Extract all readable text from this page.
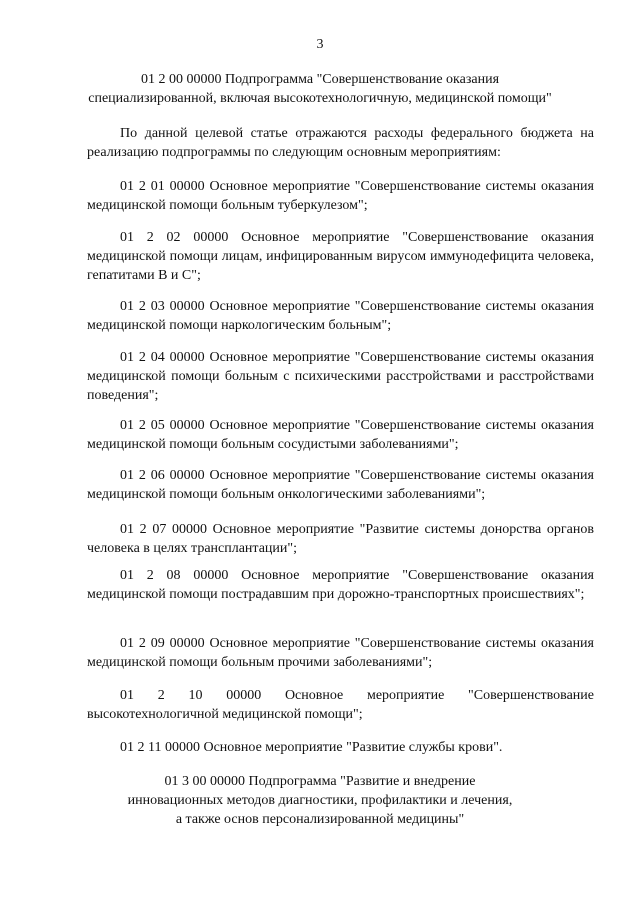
3
01 2 00 00000 Подпрограмма "Совершенствование оказания
специализированной, включая высокотехнологичную, медицинской помощи"
По данной целевой статье отражаются расходы федерального бюджета на реализацию подпрограммы по следующим основным мероприятиям:
01 2 01 00000 Основное мероприятие "Совершенствование системы оказания медицинской помощи больным туберкулезом";
01 2 02 00000 Основное мероприятие "Совершенствование оказания медицинской помощи лицам, инфицированным вирусом иммунодефицита человека, гепатитами В и С";
01 2 03 00000 Основное мероприятие "Совершенствование системы оказания медицинской помощи наркологическим больным";
01 2 04 00000 Основное мероприятие "Совершенствование системы оказания медицинской помощи больным с психическими расстройствами и расстройствами поведения";
01 2 05 00000 Основное мероприятие "Совершенствование системы оказания медицинской помощи больным сосудистыми заболеваниями";
01 2 06 00000 Основное мероприятие "Совершенствование системы оказания медицинской помощи больным онкологическими заболеваниями";
01 2 07 00000 Основное мероприятие "Развитие системы донорства органов человека в целях трансплантации";
01 2 08 00000 Основное мероприятие "Совершенствование оказания медицинской помощи пострадавшим при дорожно-транспортных происшествиях";
01 2 09 00000 Основное мероприятие "Совершенствование системы оказания медицинской помощи больным прочими заболеваниями";
01 2 10 00000 Основное мероприятие "Совершенствование высокотехнологичной медицинской помощи";
01 2 11 00000 Основное мероприятие "Развитие службы крови".
01 3 00 00000 Подпрограмма "Развитие и внедрение
инновационных методов диагностики, профилактики и лечения,
а также основ персонализированной медицины"
